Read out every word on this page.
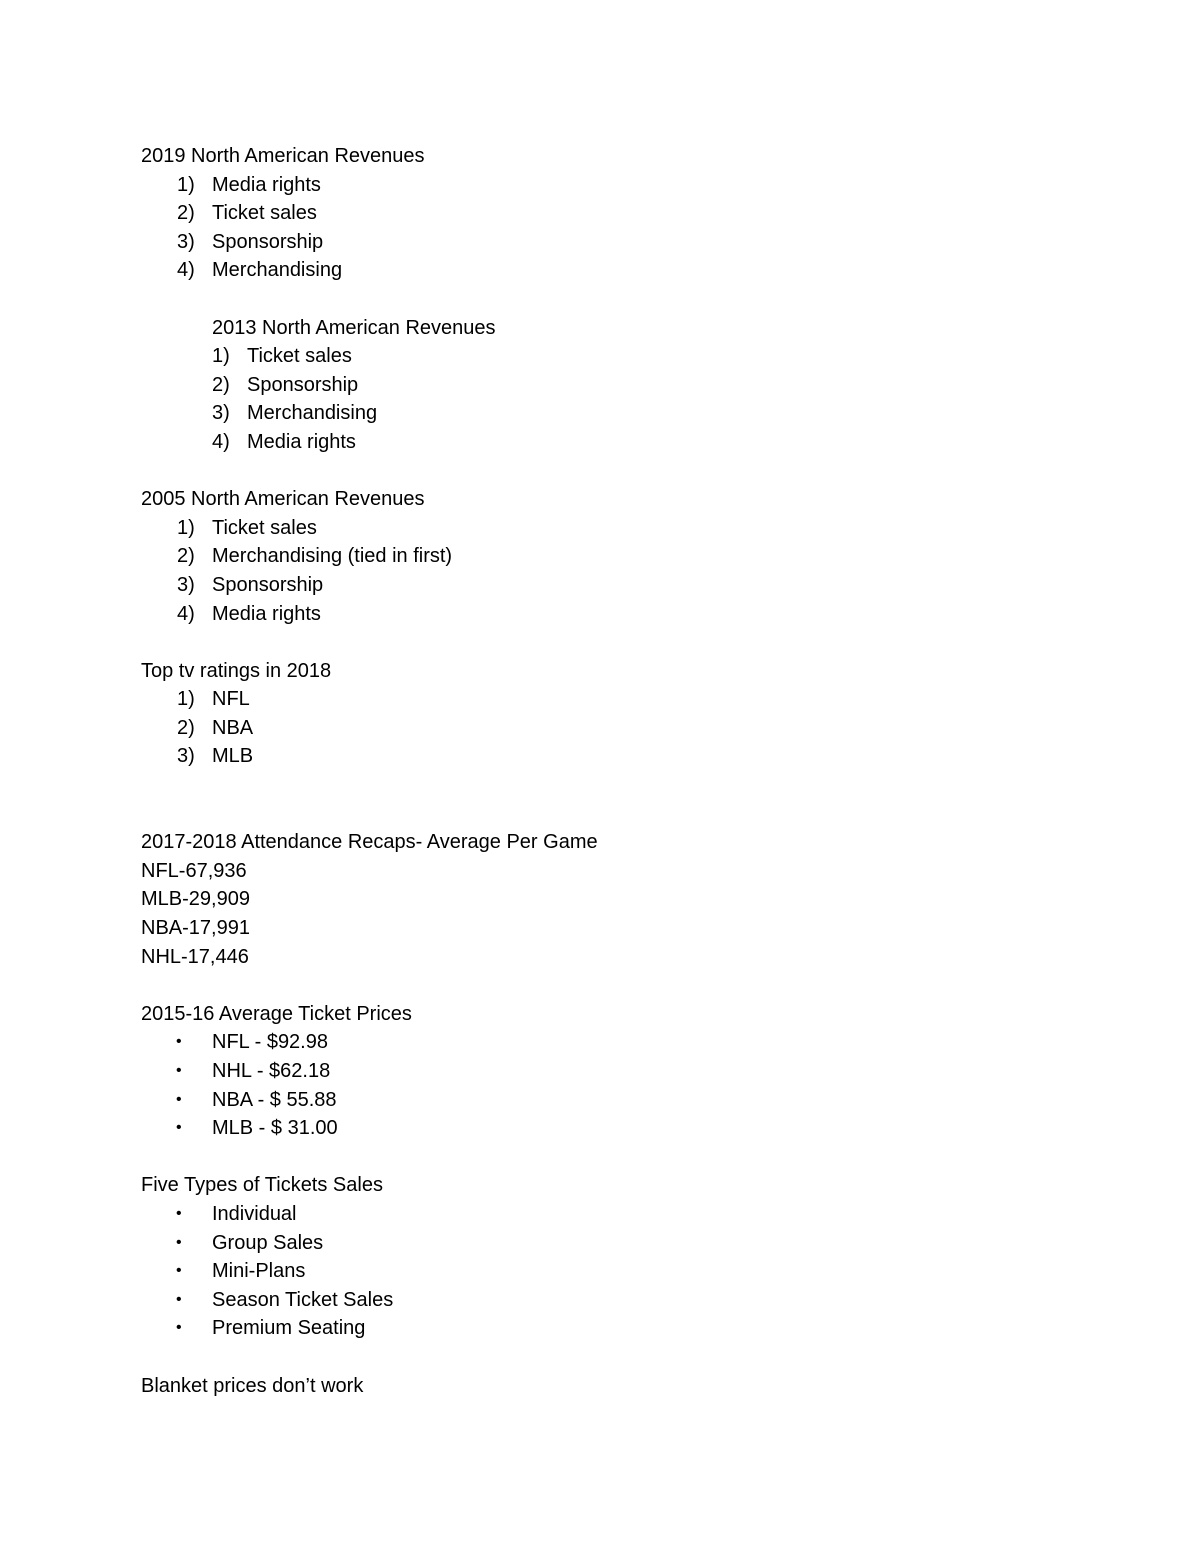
2019 North American Revenues
1) Media rights
2) Ticket sales
3) Sponsorship
4) Merchandising
2013 North American Revenues
1) Ticket sales
2) Sponsorship
3) Merchandising
4) Media rights
2005 North American Revenues
1) Ticket sales
2) Merchandising (tied in first)
3) Sponsorship
4) Media rights
Top tv ratings in 2018
1) NFL
2) NBA
3) MLB
2017-2018 Attendance Recaps- Average Per Game
NFL-67,936
MLB-29,909
NBA-17,991
NHL-17,446
2015-16 Average Ticket Prices
•	NFL - $92.98
•	NHL - $62.18
•	NBA - $ 55.88
•	MLB - $ 31.00
Five Types of Tickets Sales
•	Individual
•	Group Sales
•	Mini-Plans
•	Season Ticket Sales
•	Premium Seating
Blanket prices don’t work
